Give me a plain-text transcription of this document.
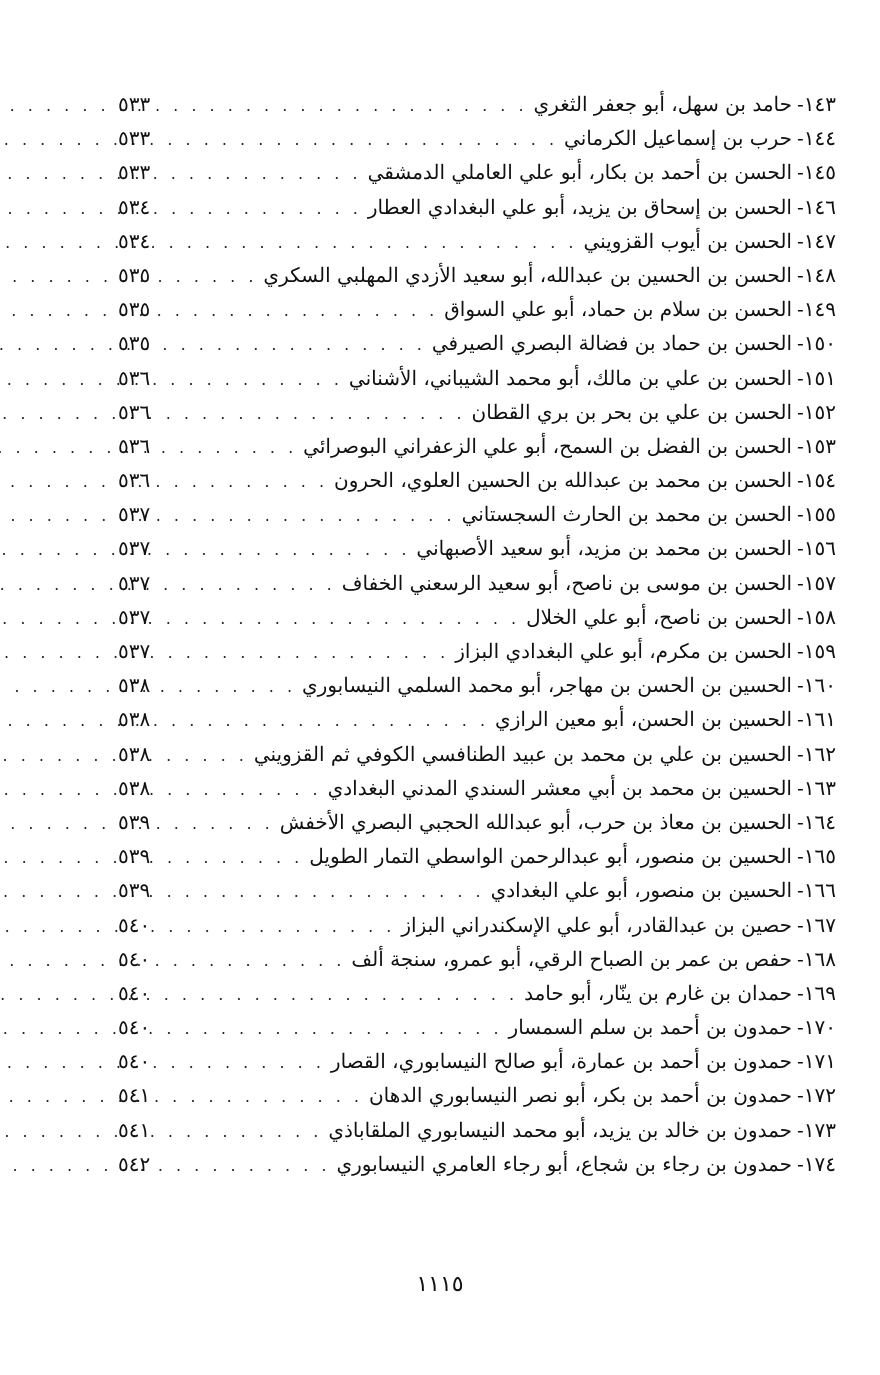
١٤٣
-
حامد بن سهل، أبو جعفر الثغري
. . .
٥٣٣
١٤٤
-
حرب بن إسماعيل الكرماني
. . .
٥٣٣
١٤٥
-
الحسن بن أحمد بن بكار، أبو علي العاملي الدمشقي
. . .
٥٣٣
١٤٦
-
الحسن بن إسحاق بن يزيد، أبو علي البغدادي العطار
. . .
٥٣٤
١٤٧
-
الحسن بن أيوب القزويني
. . .
٥٣٤
١٤٨
-
الحسن بن الحسين بن عبدالله، أبو سعيد الأزدي المهلبي السكري
. . .
٥٣٥
١٤٩
-
الحسن بن سلام بن حماد، أبو علي السواق
. . .
٥٣٥
١٥٠
-
الحسن بن حماد بن فضالة البصري الصيرفي
. . .
٥٣٥
١٥١
-
الحسن بن علي بن مالك، أبو محمد الشيباني، الأشناني
. . .
٥٣٦
١٥٢
-
الحسن بن علي بن بحر بن بري القطان
. . .
٥٣٦
١٥٣
-
الحسن بن الفضل بن السمح، أبو علي الزعفراني البوصرائي
. . .
٥٣٦
١٥٤
-
الحسن بن محمد بن عبدالله بن الحسين العلوي، الحرون
. . .
٥٣٦
١٥٥
-
الحسن بن محمد بن الحارث السجستاني
. . .
٥٣٧
١٥٦
-
الحسن بن محمد بن مزيد، أبو سعيد الأصبهاني
. . .
٥٣٧
١٥٧
-
الحسن بن موسى بن ناصح، أبو سعيد الرسعني الخفاف
. . .
٥٣٧
١٥٨
-
الحسن بن ناصح، أبو علي الخلال
. . .
٥٣٧
١٥٩
-
الحسن بن مكرم، أبو علي البغدادي البزاز
. . .
٥٣٧
١٦٠
-
الحسين بن الحسن بن مهاجر، أبو محمد السلمي النيسابوري
. . .
٥٣٨
١٦١
-
الحسين بن الحسن، أبو معين الرازي
. . .
٥٣٨
١٦٢
-
الحسين بن علي بن محمد بن عبيد الطنافسي الكوفي ثم القزويني
. . .
٥٣٨
١٦٣
-
الحسين بن محمد بن أبي معشر السندي المدني البغدادي
. . .
٥٣٨
١٦٤
-
الحسين بن معاذ بن حرب، أبو عبدالله الحجبي البصري الأخفش
. . .
٥٣٩
١٦٥
-
الحسين بن منصور، أبو عبدالرحمن الواسطي التمار الطويل
. . .
٥٣٩
١٦٦
-
الحسين بن منصور، أبو علي البغدادي
. . .
٥٣٩
١٦٧
-
حصين بن عبدالقادر، أبو علي الإسكندراني البزاز
. . .
٥٤٠
١٦٨
-
حفص بن عمر بن الصباح الرقي، أبو عمرو، سنجة ألف
. . .
٥٤٠
١٦٩
-
حمدان بن غارم بن ينّار، أبو حامد
. . .
٥٤٠
١٧٠
-
حمدون بن أحمد بن سلم السمسار
. . .
٥٤٠
١٧١
-
حمدون بن أحمد بن عمارة، أبو صالح النيسابوري، القصار
. . .
٥٤٠
١٧٢
-
حمدون بن أحمد بن بكر، أبو نصر النيسابوري الدهان
. . .
٥٤١
١٧٣
-
حمدون بن خالد بن يزيد، أبو محمد النيسابوري الملقاباذي
. . .
٥٤١
١٧٤
-
حمدون بن رجاء بن شجاع، أبو رجاء العامري النيسابوري
. . .
٥٤٢
١١١٥
